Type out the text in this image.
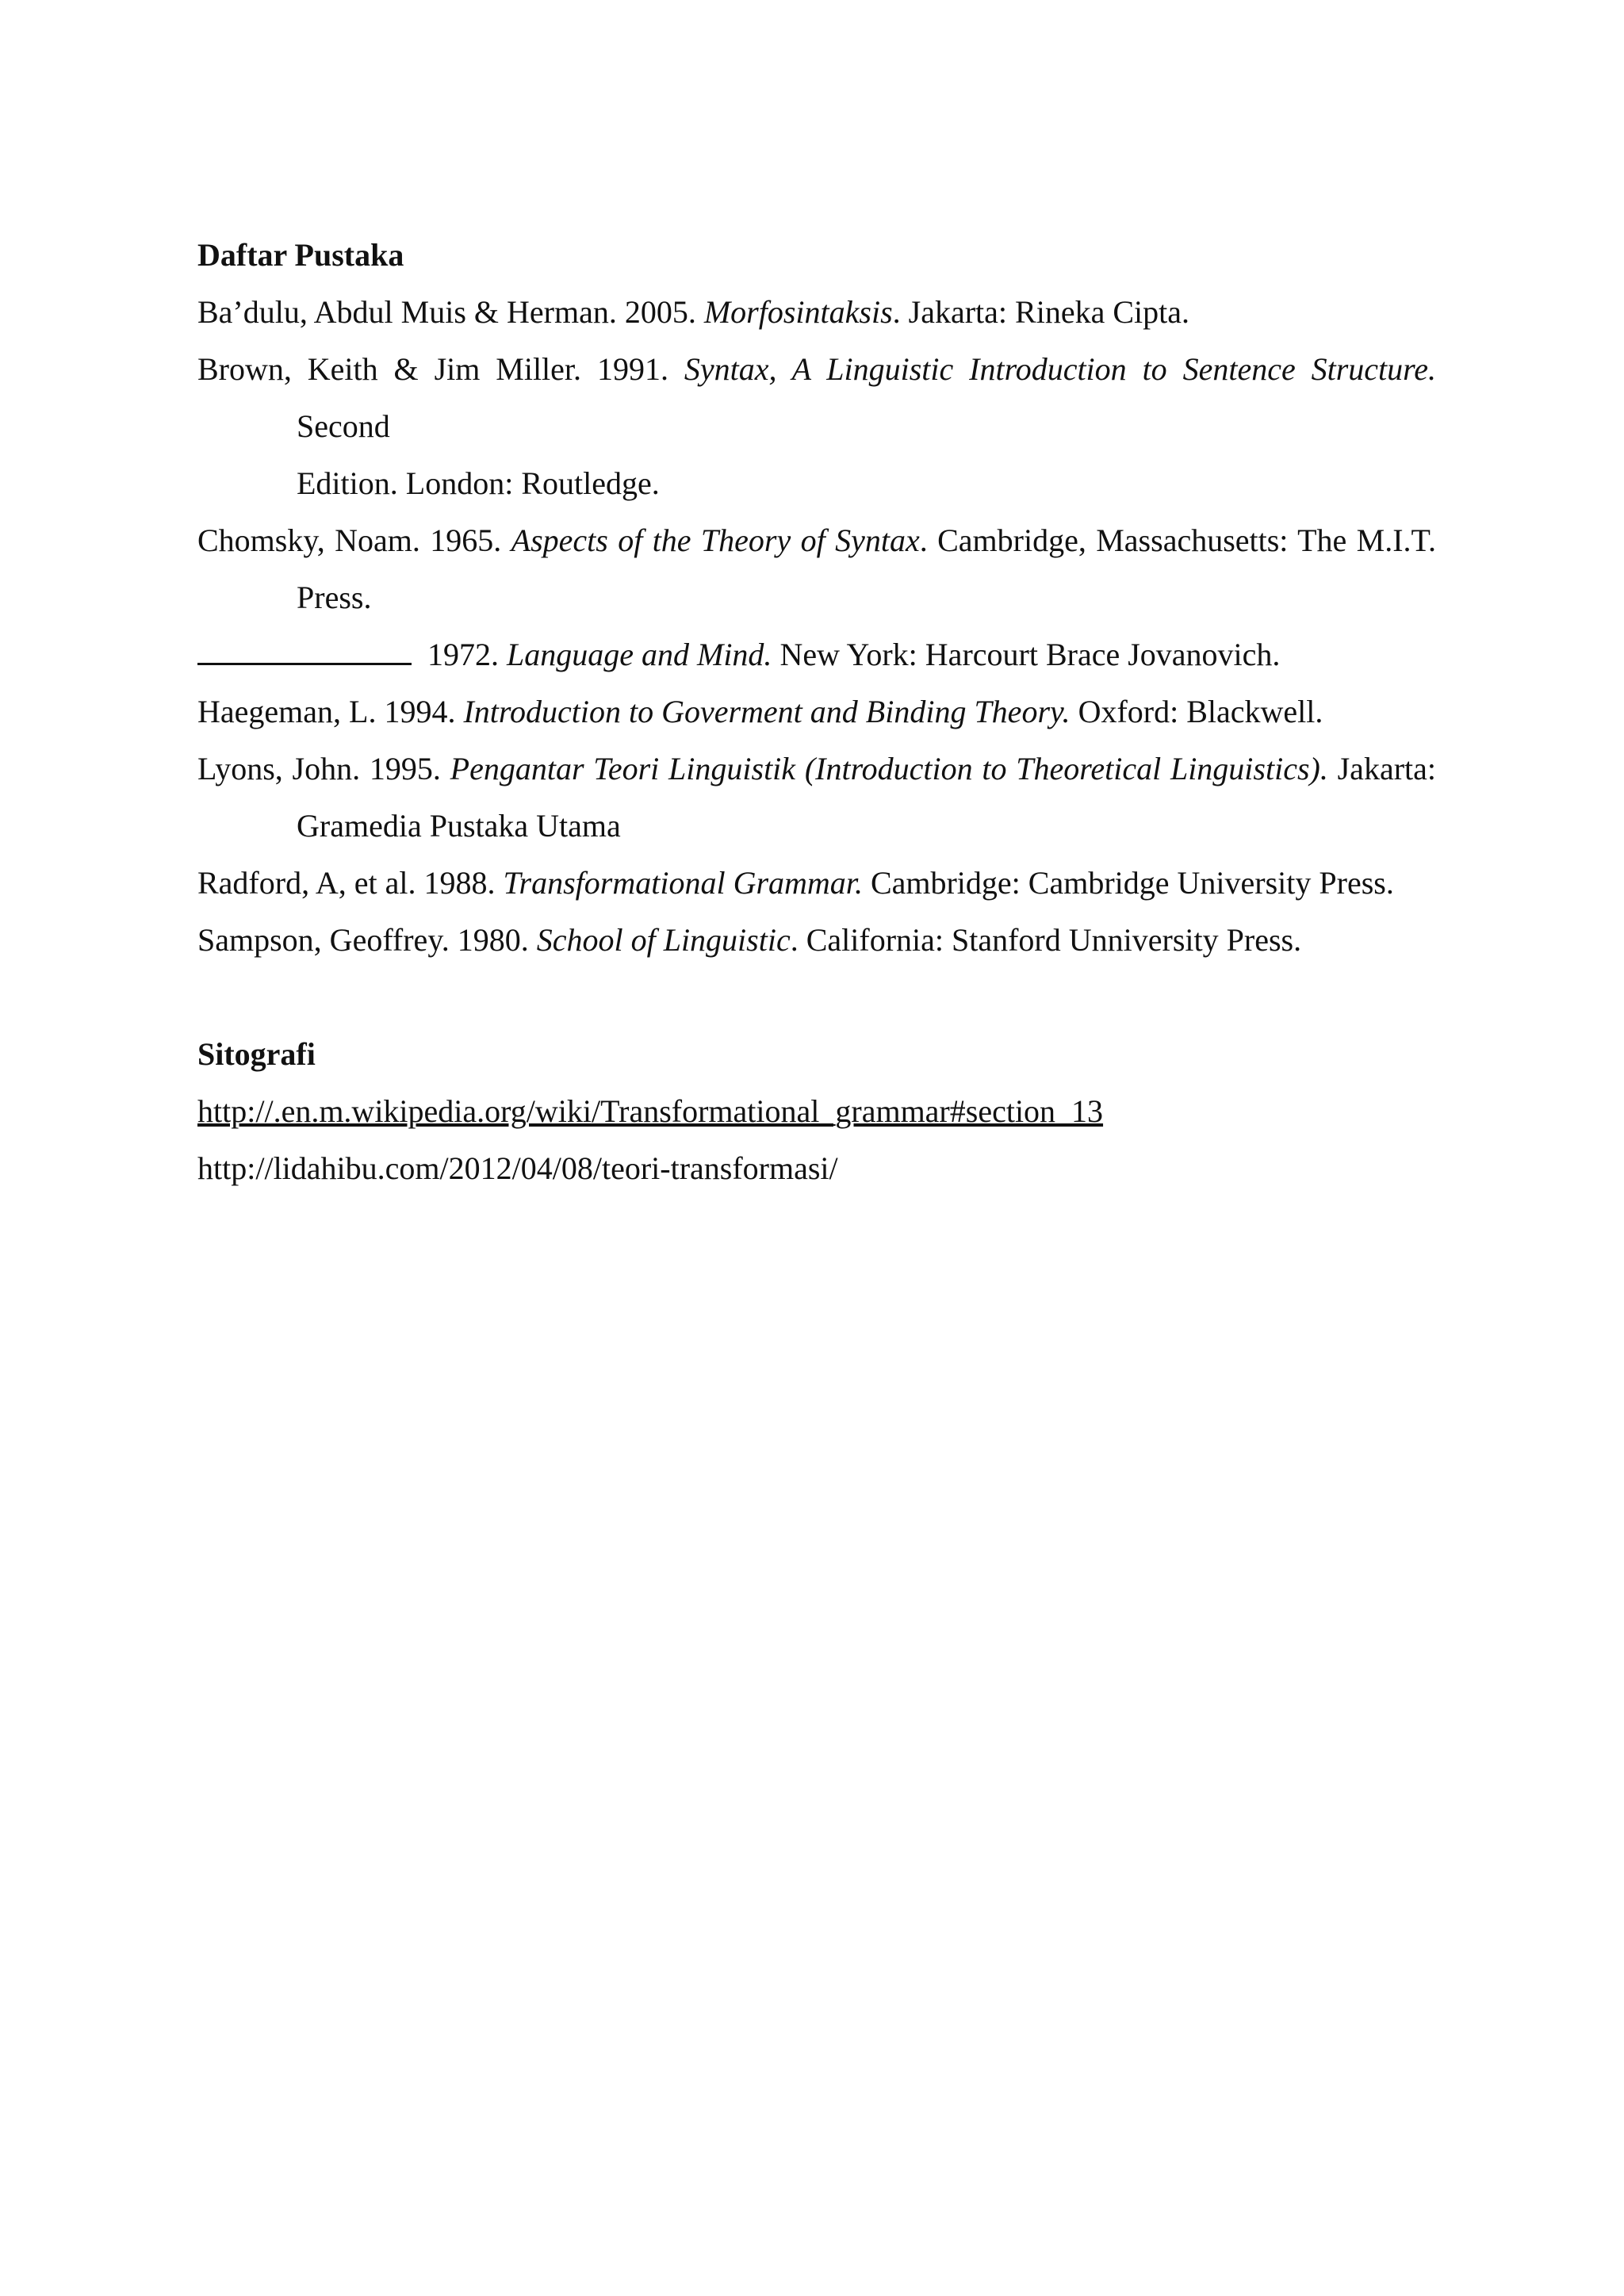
Daftar Pustaka

Ba’dulu, Abdul Muis & Herman. 2005. Morfosintaksis. Jakarta: Rineka Cipta.

Brown, Keith & Jim Miller. 1991. Syntax, A Linguistic Introduction to Sentence Structure. Second
Edition. London: Routledge.

Chomsky, Noam. 1965. Aspects of the Theory of Syntax. Cambridge, Massachusetts: The M.I.T. Press.

1972. Language and Mind. New York: Harcourt Brace Jovanovich.

Haegeman, L. 1994. Introduction to Goverment and Binding Theory. Oxford: Blackwell.

Lyons, John. 1995. Pengantar Teori Linguistik (Introduction to Theoretical Linguistics). Jakarta: Gramedia Pustaka Utama

Radford, A, et al. 1988. Transformational Grammar. Cambridge: Cambridge University Press.

Sampson, Geoffrey. 1980. School of Linguistic. California: Stanford Unniversity Press.

Sitografi
http://.en.m.wikipedia.org/wiki/Transformational_grammar#section_13
http://lidahibu.com/2012/04/08/teori-transformasi/
